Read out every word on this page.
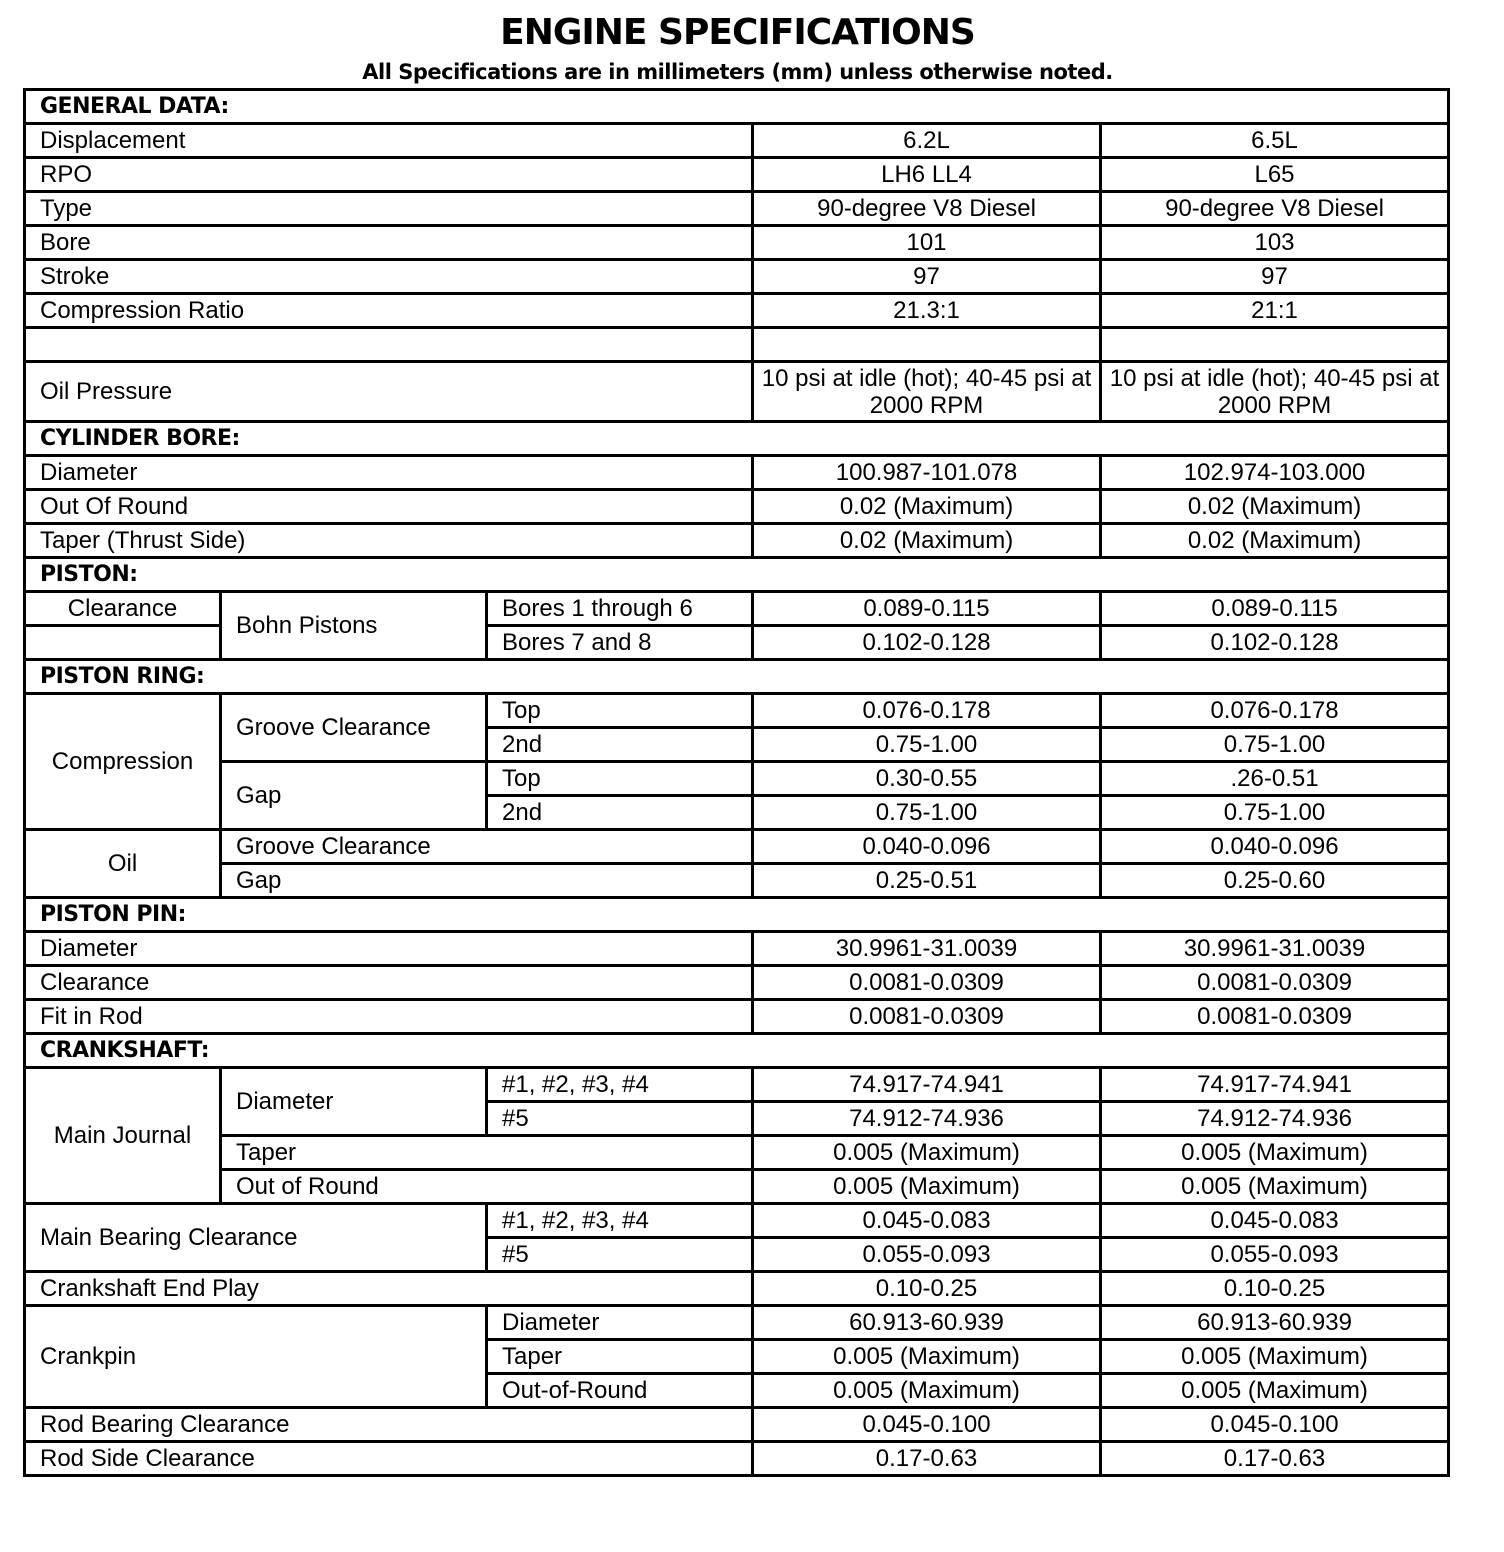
ENGINE SPECIFICATIONS
All Specifications are in millimeters (mm) unless otherwise noted.
GENERAL DATA:				
Displacement			6.2L	6.5L
RPO			LH6 LL4	L65
Type			90-degree V8 Diesel	90-degree V8 Diesel
Bore			101	103
Stroke			97	97
Compression Ratio			21.3:1	21:1

Oil Pressure			10 psi at idle (hot); 40-45 psi at 2000 RPM	10 psi at idle (hot); 40-45 psi at 2000 RPM
CYLINDER BORE:				
Diameter			100.987-101.078	102.974-103.000
Out Of Round			0.02 (Maximum)	0.02 (Maximum)
Taper (Thrust Side)			0.02 (Maximum)	0.02 (Maximum)
PISTON:				
Clearance	Bohn Pistons	Bores 1 through 6	0.089-0.115	0.089-0.115
		Bores 7 and 8	0.102-0.128	0.102-0.128
PISTON RING:				
Compression	Groove Clearance	Top	0.076-0.178	0.076-0.178
		2nd	0.75-1.00	0.75-1.00
	Gap	Top	0.30-0.55	.26-0.51
		2nd	0.75-1.00	0.75-1.00
Oil	Groove Clearance		0.040-0.096	0.040-0.096
	Gap		0.25-0.51	0.25-0.60
PISTON PIN:				
Diameter			30.9961-31.0039	30.9961-31.0039
Clearance			0.0081-0.0309	0.0081-0.0309
Fit in Rod			0.0081-0.0309	0.0081-0.0309
CRANKSHAFT:				
Main Journal	Diameter	#1, #2, #3, #4	74.917-74.941	74.917-74.941
		#5	74.912-74.936	74.912-74.936
	Taper		0.005 (Maximum)	0.005 (Maximum)
	Out of Round		0.005 (Maximum)	0.005 (Maximum)
Main Bearing Clearance		#1, #2, #3, #4	0.045-0.083	0.045-0.083
		#5	0.055-0.093	0.055-0.093
Crankshaft End Play			0.10-0.25	0.10-0.25
Crankpin		Diameter	60.913-60.939	60.913-60.939
		Taper	0.005 (Maximum)	0.005 (Maximum)
		Out-of-Round	0.005 (Maximum)	0.005 (Maximum)
Rod Bearing Clearance			0.045-0.100	0.045-0.100
Rod Side Clearance			0.17-0.63	0.17-0.63
